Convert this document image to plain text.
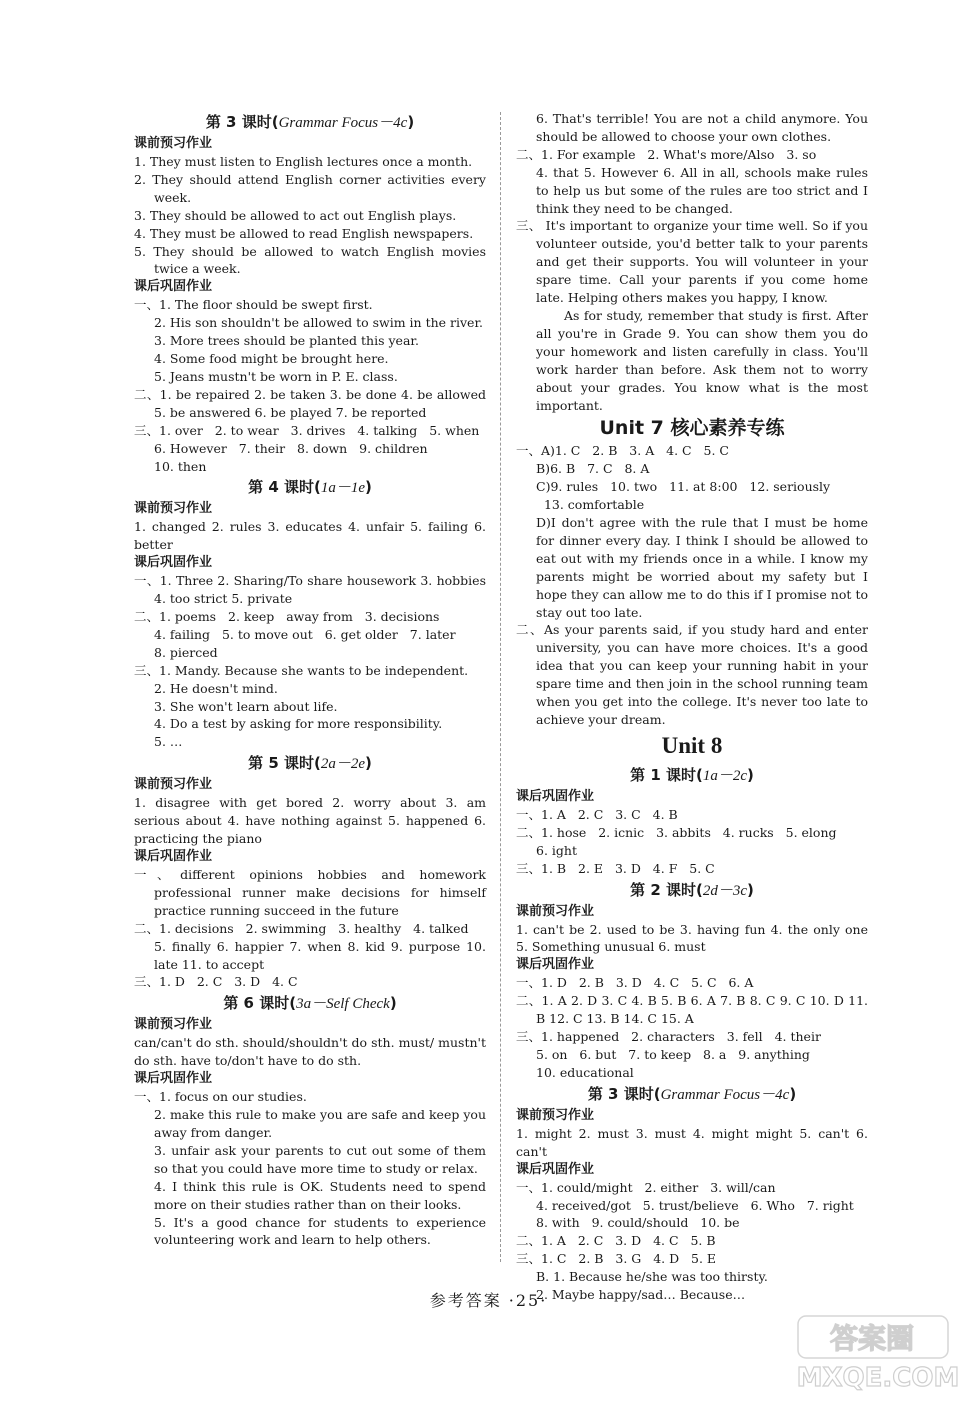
第 3 课时(Grammar Focus－4c)
课前预习作业
1. They must listen to English lectures once a month.
2. They should attend English corner activities every week.
3. They should be allowed to act out English plays.
4. They must be allowed to read English newspapers.
5. They should be allowed to watch English movies twice a week.
课后巩固作业
一、1. The floor should be swept first.
2. His son shouldn't be allowed to swim in the river.
3. More trees should be planted this year.
4. Some food might be brought here.
5. Jeans mustn't be worn in P. E. class.
二、1. be repaired 2. be taken 3. be done 4. be allowed 5. be answered 6. be played 7. be reported
三、1. over   2. to wear   3. drives   4. talking   5. when
6. However   7. their   8. down   9. children
10. then
第 4 课时(1a－1e)
课前预习作业
1. changed 2. rules 3. educates 4. unfair 5. failing 6. better
课后巩固作业
一、1. Three 2. Sharing/To share housework 3. hobbies 4. too strict 5. private
二、1. poems   2. keep   away from   3. decisions
4. failing   5. to move out   6. get older   7. later
8. pierced
三、1. Mandy. Because she wants to be independent.
2. He doesn't mind.
3. She won't learn about life.
4. Do a test by asking for more responsibility.
5. …
第 5 课时(2a－2e)
课前预习作业
1. disagree with get bored 2. worry about 3. am serious about 4. have nothing against 5. happened 6. practicing the piano
课后巩固作业
一、different opinions hobbies and homework professional runner make decisions for himself practice running succeed in the future
二、1. decisions   2. swimming   3. healthy   4. talked
5. finally 6. happier 7. when 8. kid 9. purpose 10. late 11. to accept
三、1. D   2. C   3. D   4. C
第 6 课时(3a－Self Check)
课前预习作业
can/can't do sth. should/shouldn't do sth. must/ mustn't do sth. have to/don't have to do sth.
课后巩固作业
一、1. focus on our studies.
2. make this rule to make you are safe and keep you away from danger.
3. unfair ask your parents to cut out some of them so that you could have more time to study or relax.
4. I think this rule is OK. Students need to spend more on their studies rather than on their looks.
5. It's a good chance for students to experience volunteering work and learn to help others.
6. That's terrible! You are not a child anymore. You should be allowed to choose your own clothes.
二、1. For example   2. What's more/Also   3. so
4. that 5. However 6. All in all, schools make rules to help us but some of the rules are too strict and I think they need to be changed.
三、 It's important to organize your time well. So if you volunteer outside, you'd better talk to your parents and get their supports. You will volunteer in your spare time. Call your parents if you come home late. Helping others makes you happy, I know.
As for study, remember that study is first. After all you're in Grade 9. You can show them you do your homework and listen carefully in class. You'll work harder than before. Ask them not to worry about your grades. You know what is the most important.
Unit 7 核心素养专练
一、A)1. C   2. B   3. A   4. C   5. C
B)6. B   7. C   8. A
C)9. rules   10. two   11. at 8:00   12. seriously
13. comfortable
D)I don't agree with the rule that I must be home for dinner every day. I think I should be allowed to eat out with my friends once in a while. I know my parents might be worried about my safety but I hope they can allow me to do this if I promise not to stay out too late.
二、As your parents said, if you study hard and enter university, you can have more choices. It's a good idea that you can keep your running habit in your spare time and then join in the school running team when you get into the college. It's never too late to achieve your dream.
Unit 8
第 1 课时(1a－2c)
课后巩固作业
一、1. A   2. C   3. C   4. B
二、1. hose   2. icnic   3. abbits   4. rucks   5. elong
6. ight
三、1. B   2. E   3. D   4. F   5. C
第 2 课时(2d－3c)
课前预习作业
1. can't be 2. used to be 3. having fun 4. the only one 5. Something unusual 6. must
课后巩固作业
一、1. D   2. B   3. D   4. C   5. C   6. A
二、1. A 2. D 3. C 4. B 5. B 6. A 7. B 8. C 9. C 10. D 11. B 12. C 13. B 14. C 15. A
三、1. happened   2. characters   3. fell   4. their
5. on   6. but   7. to keep   8. a   9. anything
10. educational
第 3 课时(Grammar Focus－4c)
课前预习作业
1. might 2. must 3. must 4. might might 5. can't 6. can't
课后巩固作业
一、1. could/might   2. either   3. will/can
4. received/got   5. trust/believe   6. Who   7. right
8. with   9. could/should   10. be
二、1. A   2. C   3. D   4. C   5. B
三、1. C   2. B   3. G   4. D   5. E
B. 1. Because he/she was too thirsty.
2. Maybe happy/sad… Because…
参考答案 ·25·
答案圈
MXQE.COM
